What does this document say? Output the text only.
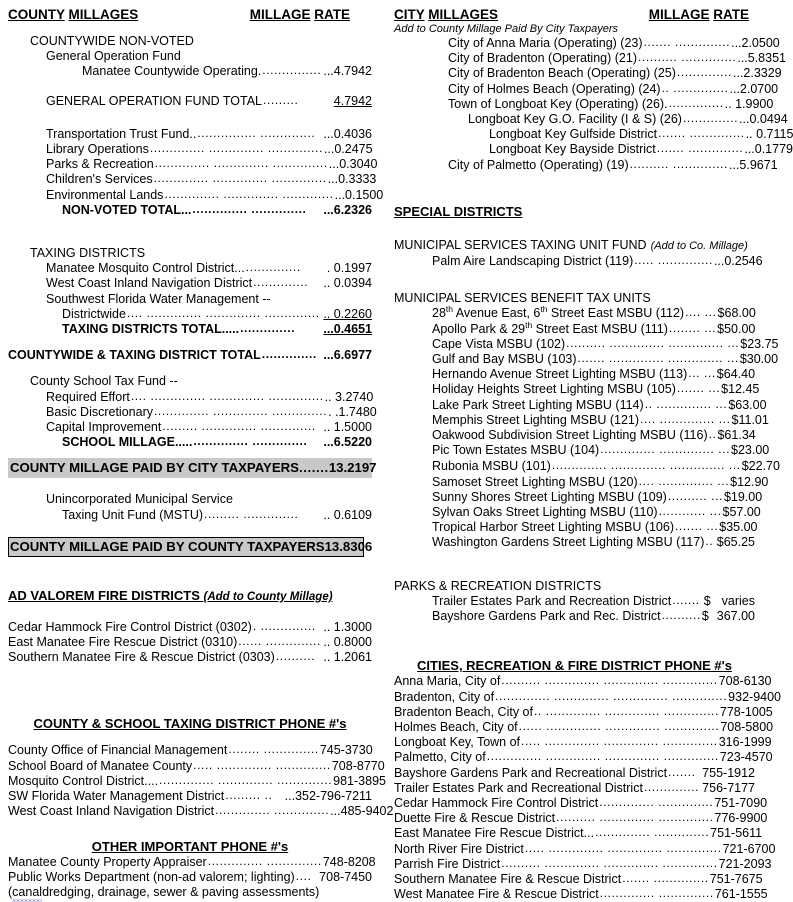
COUNTY MILLAGES	MILLAGE RATE
COUNTYWIDE NON-VOTED
General Operation Fund
Manatee Countywide Operating. ............... ...4.7942
GENERAL OPERATION FUND TOTAL .........	4.7942
Transportation Trust Fund.. ............... .............. ...0.4036
Library Operations .............. .............. .............. ...0.2475
Parks & Recreation .............. .............. .............. ...0.3040
Children's Services .............. .............. .............. ...0.3333
Environmental Lands .............. .............. ............. ...0.1500
NON-VOTED TOTAL... .............. ..............	...6.2326
TAXING DISTRICTS
Manatee Mosquito Control District... ..............	. 0.1997
West Coast Inland Navigation District ..............	.. 0.0394
Southwest Florida Water Management --
Districtwide .... .............. .............. .............. .. 0.2260
TAXING DISTRICTS TOTAL..... ..............	...0.4651
COUNTYWIDE & TAXING DISTRICT TOTAL .............. ...6.6977
County School Tax Fund --
Required Effort .... .............. .............. .............. .. 3.2740
Basic Discretionary .............. .............. .............. . .1.7480
Capital Improvement ......... .............. .............. .. 1.5000
SCHOOL MILLAGE..... .............. ..............	...6.5220
COUNTY MILLAGE PAID BY CITY TAXPAYERS ....... 13.2197
Unincorporated Municipal Service
Taxing Unit Fund (MSTU) ......... ..............	.. 0.6109
COUNTY MILLAGE PAID BY COUNTY TAXPAYERS 13.8306
AD VALOREM FIRE DISTRICTS (Add to County Millage)
Cedar Hammock Fire Control District (0302) . .............. .. 1.3000
East Manatee Fire Rescue District (0310) ...... .............. .. 0.8000
Southern Manatee Fire & Rescue District (0303) .......... .. 1.2061
COUNTY & SCHOOL TAXING DISTRICT PHONE #'s
County Office of Financial Management ........ .............. 745-3730
School Board of Manatee County ..... .............. .............. 708-8770
Mosquito Control District.... .............. .............. .............. 981-3895
SW Florida Water Management District ......... .. ...352-796-7211
West Coast Inland Navigation District .............. .............. ...485-9402
OTHER IMPORTANT PHONE #'s
Manatee County Property Appraiser .............. .............. 748-8208
Public Works Department (non-ad valorem; lighting) .... 708-7450
( canal dredging, drainage, sewer & paving assessments)
CITY MILLAGES	MILLAGE RATE
Add to County Millage Paid By City Taxpayers
City of Anna Maria (Operating) (23) ....... .............. ...2.0500
City of Bradenton (Operating) (21) .......... .............. ...5.8351
City of Bradenton Beach (Operating) (25) .............. ...2.3329
City of Holmes Beach (Operating) (24) .. .............. ...2.0700
Town of Longboat Key (Operating) (26). .............. .. 1.9900
Longboat Key G.O. Facility (I & S) (26) .............. ...0.0494
Longboat Key Gulfside District ....... .............. .. 0.7115
Longboat Key Bayside District ....... .............. ...0.1779
City of Palmetto (Operating) (19) .......... .............. ...5.9671
SPECIAL DISTRICTS
MUNICIPAL SERVICES TAXING UNIT FUND (Add to Co. Millage)
Palm Aire Landscaping District (119) ..... .............. ...0.2546
MUNICIPAL SERVICES BENEFIT TAX UNITS
28th Avenue East, 6th Street East MSBU (112) .... ... $68.00
Apollo Park & 29th Street East MSBU (111) ........ ... $50.00
Cape Vista MSBU (102) .......... .............. .............. ... $23.75
Gulf and Bay MSBU (103) ....... .............. .............. ... $30.00
Hernando Avenue Street Lighting MSBU (113) ... ... $64.40
Holiday Heights Street Lighting MSBU (105) ....... ... $12.45
Lake Park Street Lighting MSBU (114) .. .............. ... $63.00
Memphis Street Lighting MSBU (121) .... .............. ... $11.01
Oakwood Subdivision Street Lighting MSBU (116) .. $61.34
Pic Town Estates MSBU (104) .............. .............. ... $23.00
Rubonia MSBU (101) .............. .............. .............. ... $22.70
Samoset Street Lighting MSBU (120) .... .............. ... $12.90
Sunny Shores Street Lighting MSBU (109) .......... ... $19.00
Sylvan Oaks Street Lighting MSBU (110) ............ ... $57.00
Tropical Harbor Street Lighting MSBU (106) ....... ... $35.00
Washington Gardens Street Lighting MSBU (117) .. $65.25
PARKS & RECREATION DISTRICTS
Trailer Estates Park and Recreation District ....... $ varies
Bayshore Gardens Park and Rec. District .......... $ 367.00
CITIES, RECREATION & FIRE DISTRICT PHONE #'s
Anna Maria, City of .......... .............. .............. .............. 708-6130
Bradenton, City of .............. .............. .............. .............. 932-9400
Bradenton Beach, City of .. .............. .............. .............. 778-1005
Holmes Beach, City of ...... .............. .............. .............. 708-5800
Longboat Key, Town of ..... .............. .............. .............. 316-1999
Palmetto, City of .............. .............. .............. .............. 723-4570
Bayshore Gardens Park and Recreational District ....... 755-1912
Trailer Estates Park and Recreational District .............. 756-7177
Cedar Hammock Fire Control District .............. .............. 751-7090
Duette Fire & Rescue District .......... .............. .............. 776-9900
East Manatee Fire Rescue District... .............. .............. 751-5611
North River Fire District ..... .............. .............. .............. 721-6700
Parrish Fire District .......... .............. .............. .............. 721-2093
Southern Manatee Fire & Rescue District ....... .............. 751-7675
West Manatee Fire & Rescue District .............. .............. 761-1555
